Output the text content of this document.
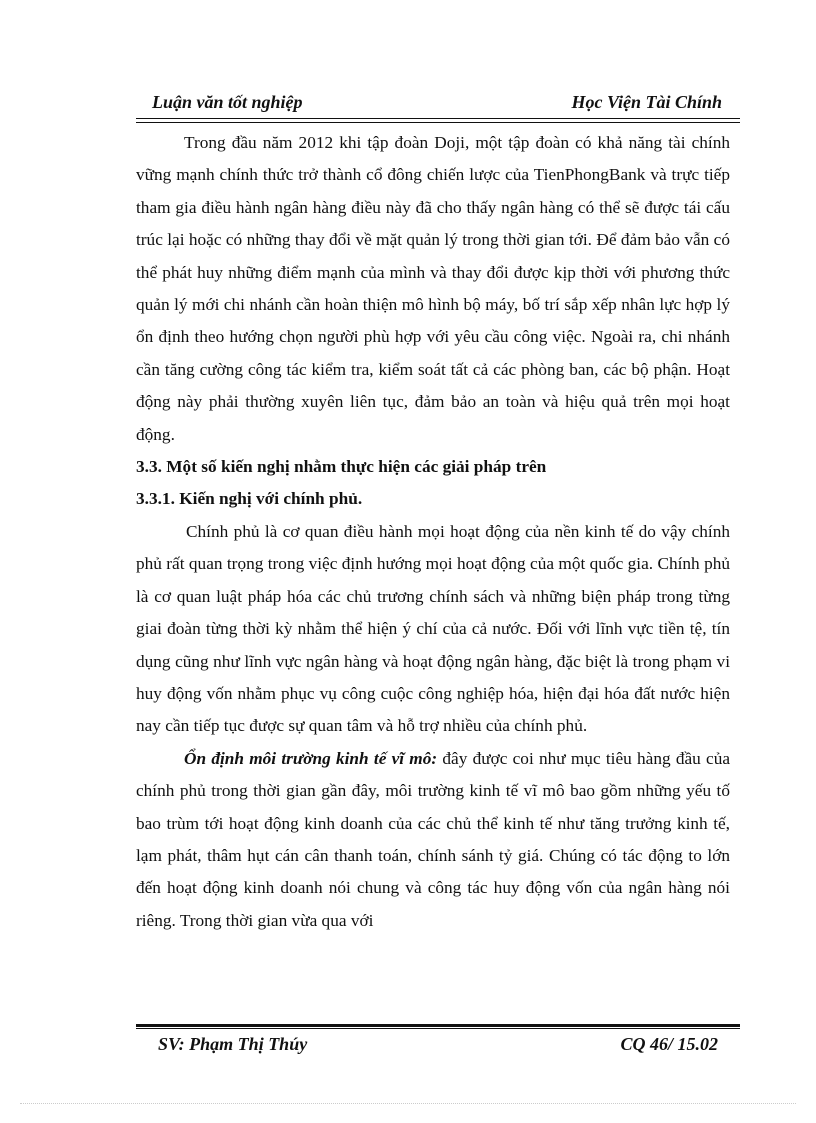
Luận văn tốt nghiệp	Học Viện Tài Chính

Trong đầu năm 2012 khi tập đoàn Doji, một tập đoàn có khả năng tài chính vững mạnh chính thức trở thành cổ đông chiến lược của TienPhongBank và trực tiếp tham gia điều hành ngân hàng điều này đã cho thấy ngân hàng có thể sẽ được tái cấu trúc lại hoặc có những thay đổi về mặt quản lý trong thời gian tới. Để đảm bảo vẫn có thể phát huy những điểm mạnh của mình và thay đổi được kịp thời với phương thức quản lý mới chi nhánh cần hoàn thiện mô hình bộ máy, bố trí sắp xếp nhân lực hợp lý ổn định theo hướng chọn người phù hợp với yêu cầu công việc. Ngoài ra, chi nhánh cần tăng cường công tác kiểm tra, kiểm soát tất cả các phòng ban, các bộ phận. Hoạt động này phải thường xuyên liên tục, đảm bảo an toàn và hiệu quả trên mọi hoạt động.

3.3. Một số kiến nghị nhằm thực hiện các giải pháp trên

3.3.1. Kiến nghị với chính phủ.

Chính phủ là cơ quan điều hành mọi hoạt động của nền kinh tế do vậy chính phủ rất quan trọng trong việc định hướng mọi hoạt động của một quốc gia. Chính phủ là cơ quan luật pháp hóa các chủ trương chính sách và những biện pháp trong từng giai đoàn từng thời kỳ nhằm thể hiện ý chí của cả nước. Đối với lĩnh vực tiền tệ, tín dụng cũng như lĩnh vực ngân hàng và hoạt động ngân hàng, đặc biệt là trong phạm vi huy động vốn nhằm phục vụ công cuộc công nghiệp hóa, hiện đại hóa đất nước hiện nay cần tiếp tục được sự quan tâm và hỗ trợ nhiều của chính phủ.

Ổn định môi trường kinh tế vĩ mô: đây được coi như mục tiêu hàng đầu của chính phủ trong thời gian gần đây, môi trường kinh tế vĩ mô bao gồm những yếu tố bao trùm tới hoạt động kinh doanh của các chủ thể kinh tế như tăng trưởng kinh tế, lạm phát, thâm hụt cán cân thanh toán, chính sánh tỷ giá. Chúng có tác động to lớn đến hoạt động kinh doanh nói chung và công tác huy động vốn của ngân hàng nói riêng. Trong thời gian vừa qua với

SV: Phạm Thị Thúy	CQ 46/ 15.02
